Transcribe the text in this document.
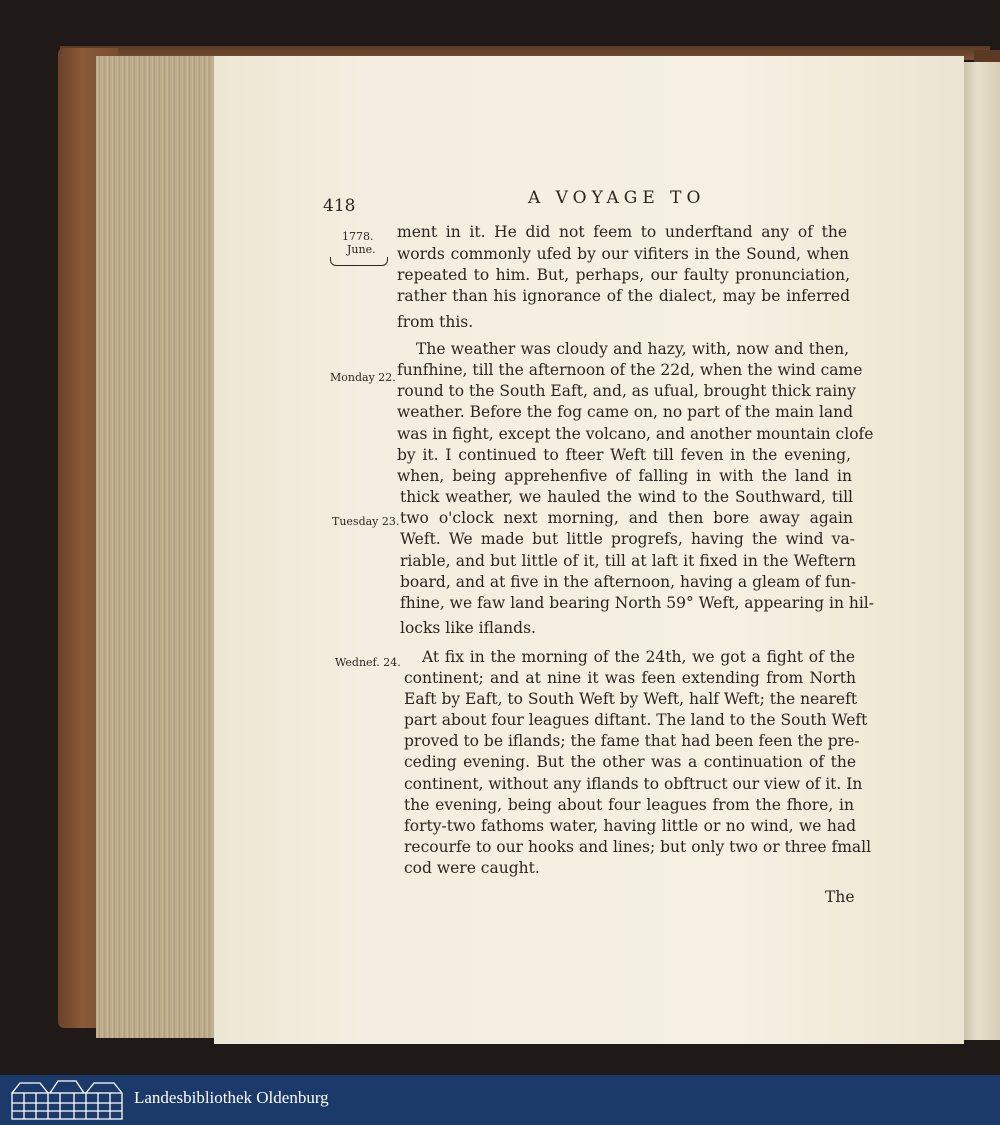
418	A VOYAGE TO
1778.
June.
Monday 22.
Tuesday 23.
Wednef. 24.
ment in it. He did not feem to underftand any of the
words commonly ufed by our vifiters in the Sound, when
repeated to him. But, perhaps, our faulty pronunciation,
rather than his ignorance of the dialect, may be inferred
from this.
The weather was cloudy and hazy, with, now and then,
funfhine, till the afternoon of the 22d, when the wind came
round to the South Eaft, and, as ufual, brought thick rainy
weather. Before the fog came on, no part of the main land
was in fight, except the volcano, and another mountain clofe
by it. I continued to fteer Weft till feven in the evening,
when, being apprehenfive of falling in with the land in
thick weather, we hauled the wind to the Southward, till
two o'clock next morning, and then bore away again
Weft. We made but little progrefs, having the wind va-
riable, and but little of it, till at laft it fixed in the Weftern
board, and at five in the afternoon, having a gleam of fun-
fhine, we faw land bearing North 59° Weft, appearing in hil-
locks like iflands.
At fix in the morning of the 24th, we got a fight of the
continent; and at nine it was feen extending from North
Eaft by Eaft, to South Weft by Weft, half Weft; the neareft
part about four leagues diftant. The land to the South Weft
proved to be iflands; the fame that had been feen the pre-
ceding evening. But the other was a continuation of the
continent, without any iflands to obftruct our view of it. In
the evening, being about four leagues from the fhore, in
forty-two fathoms water, having little or no wind, we had
recourfe to our hooks and lines; but only two or three fmall
cod were caught.
The
Landesbibliothek Oldenburg
